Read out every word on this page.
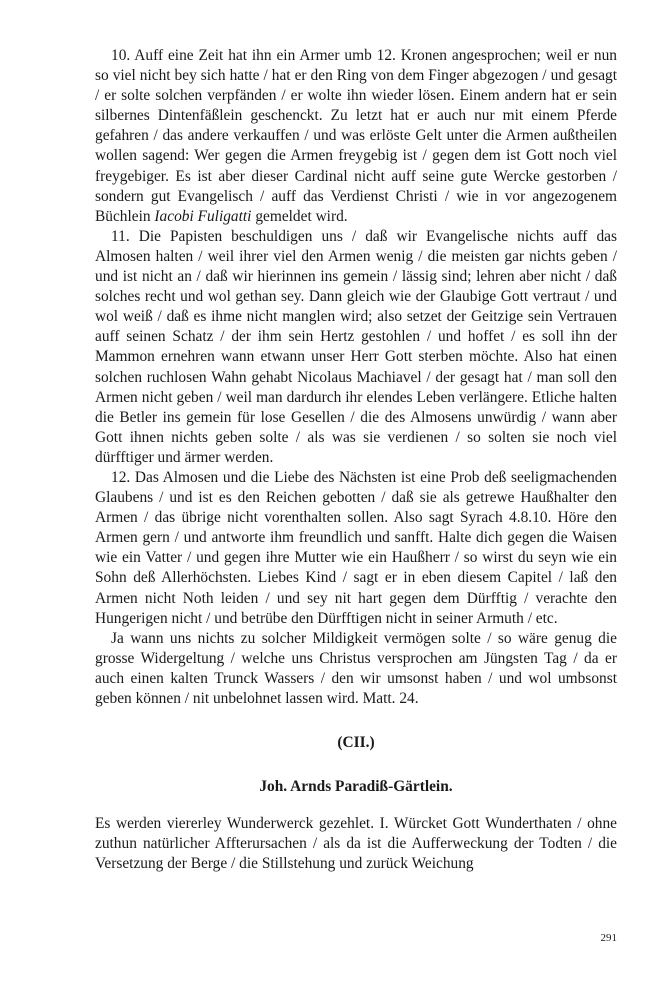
10. Auff eine Zeit hat ihn ein Armer umb 12. Kronen angesprochen; weil er nun so viel nicht bey sich hatte / hat er den Ring von dem Finger abgezogen / und gesagt / er solte solchen verpfänden / er wolte ihn wieder lösen. Einem andern hat er sein silbernes Dintenfäßlein geschenckt. Zu letzt hat er auch nur mit einem Pferde gefahren / das andere verkauffen / und was erlöste Gelt unter die Armen außtheilen wollen sagend: Wer gegen die Armen freygebig ist / gegen dem ist Gott noch viel freygebiger. Es ist aber dieser Cardinal nicht auff seine gute Wercke gestorben / sondern gut Evangelisch / auff das Verdienst Christi / wie in vor angezogenem Büchlein Iacobi Fuligatti gemeldet wird.

11. Die Papisten beschuldigen uns / daß wir Evangelische nichts auff das Almosen halten / weil ihrer viel den Armen wenig / die meisten gar nichts geben / und ist nicht an / daß wir hierinnen ins gemein / lässig sind; lehren aber nicht / daß solches recht und wol gethan sey. Dann gleich wie der Glaubige Gott vertraut / und wol weiß / daß es ihme nicht manglen wird; also setzet der Geitzige sein Vertrauen auff seinen Schatz / der ihm sein Hertz gestohlen / und hoffet / es soll ihn der Mammon ernehren wann etwann unser Herr Gott sterben möchte. Also hat einen solchen ruchlosen Wahn gehabt Nicolaus Machiavel / der gesagt hat / man soll den Armen nicht geben / weil man dardurch ihr elendes Leben verlängere. Etliche halten die Betler ins gemein für lose Gesellen / die des Almosens unwürdig / wann aber Gott ihnen nichts geben solte / als was sie verdienen / so solten sie noch viel dürfftiger und ärmer werden.

12. Das Almosen und die Liebe des Nächsten ist eine Prob deß seeligmachenden Glaubens / und ist es den Reichen gebotten / daß sie als getrewe Haußhalter den Armen / das übrige nicht vorenthalten sollen. Also sagt Syrach 4.8.10. Höre den Armen gern / und antworte ihm freundlich und sanfft. Halte dich gegen die Waisen wie ein Vatter / und gegen ihre Mutter wie ein Haußherr / so wirst du seyn wie ein Sohn deß Allerhöchsten. Liebes Kind / sagt er in eben diesem Capitel / laß den Armen nicht Noth leiden / und sey nit hart gegen dem Dürfftig / verachte den Hungerigen nicht / und betrübe den Dürfftigen nicht in seiner Armuth / etc.

Ja wann uns nichts zu solcher Mildigkeit vermögen solte / so wäre genug die grosse Widergeltung / welche uns Christus versprochen am Jüngsten Tag / da er auch einen kalten Trunck Wassers / den wir umsonst haben / und wol umbsonst geben können / nit unbelohnet lassen wird. Matt. 24.

(CII.)

Joh. Arnds Paradiß-Gärtlein.

Es werden viererley Wunderwerck gezehlet. I. Würcket Gott Wunderthaten / ohne zuthun natürlicher Affterursachen / als da ist die Aufferweckung der Todten / die Versetzung der Berge / die Stillstehung und zurück Weichung

291
